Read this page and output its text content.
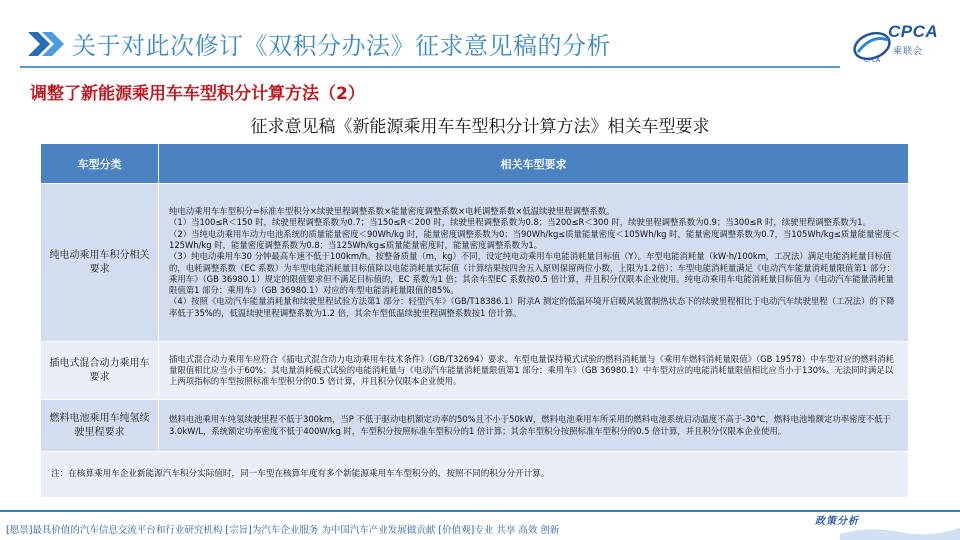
关于对此次修订《双积分办法》征求意见稿的分析
CPCA
CPCA
乘联会
调整了新能源乘用车车型积分计算方法（2）
征求意见稿《新能源乘用车车型积分计算方法》相关车型要求
车型分类	相关车型要求
纯电动乘用车积分相关要求	纯电动乘用车车型积分=标准车型积分×续驶里程调整系数×能量密度调整系数×电耗调整系数×低温续驶里程调整系数。

（1）当100≤R＜150 时，续驶里程调整系数为0.7；当150≤R＜200 时，续驶里程调整系数为0.8；当200≤R＜300 时，续驶里程调整系数为0.9；当300≤R 时，续驶里程调整系数为1。

（2）当纯电动乘用车动力电池系统的质量能量密度＜90Wh/kg 时，能量密度调整系数为0；当90Wh/kg≤质量能量密度＜105Wh/kg 时，能量密度调整系数为0.7，当105Wh/kg≤质量能量密度＜125Wh/kg 时，能量密度调整系数为0.8；当125Wh/kg≤质量能量密度时，能量密度调整系数为1。

（3）纯电动乘用车30 分钟最高车速不低于100km/h。按整备质量（m，kg）不同，设定纯电动乘用车电能消耗量目标值（Y）。车型电能消耗量（kW·h/100km，工况法）满足电能消耗量目标值的，电耗调整系数（EC 系数）为车型电能消耗量目标值除以电能消耗量实际值（计算结果按四舍五入原则保留两位小数，上限为1.2倍）；车型电能消耗量满足《电动汽车能量消耗量限值第1 部分：乘用车》（GB 36980.1）规定的限值要求但不满足目标值的，EC 系数为1 倍；其余车型EC 系数按0.5 倍计算，并且积分仅限本企业使用。纯电动乘用车电能消耗量目标值为《电动汽车能量消耗量限值第1 部分：乘用车》（GB 36980.1）对应的车型电能消耗量限值的85%。

（4）按照《电动汽车能量消耗量和续驶里程试验方法第1 部分：轻型汽车》（GB/T18386.1）附录A 测定的低温环境开启暖风装置制热状态下的续驶里程相比于电动汽车续驶里程（工况法）的下降率低于35%的，低温续驶里程调整系数为1.2 倍，其余车型低温续驶里程调整系数按1 倍计算。

插电式混合动力乘用车要求	插电式混合动力乘用车应符合《插电式混合动力电动乘用车技术条件》（GB/T32694）要求。车型电量保持模式试验的燃料消耗量与《乘用车燃料消耗量限值》（GB 19578）中车型对应的燃料消耗量限值相比应当小于60%；其电量消耗模式试验的电能消耗量与《电动汽车能量消耗量限值第1 部分：乘用车》（GB 36980.1）中车型对应的电能消耗量限值相比应当小于130%。无法同时满足以上两项指标的车型按照标准车型积分的0.5 倍计算，并且积分仅限本企业使用。

燃料电池乘用车纯氢续驶里程要求	燃料电池乘用车纯氢续驶里程不低于300km，当P 不低于驱动电机额定功率的50%且不小于50kW，燃料电池乘用车所采用的燃料电池系统启动温度不高于-30℃，燃料电池堆额定功率密度不低于3.0kW/L，系统额定功率密度不低于400W/kg 时，车型积分按照标准车型积分的1 倍计算；其余车型积分按照标准车型积分的0.5 倍计算，并且积分仅限本企业使用。

注：在核算乘用车企业新能源汽车积分实际值时，同一车型在核算年度有多个新能源乘用车车型积分的，按照不同的积分分开计算。	
政策分析
[愿景]最具价值的汽车信息交流平台和行业研究机构 [宗旨]为汽车企业服务 为中国汽车产业发展做贡献 [价值观]专业 共享 高效 创新
